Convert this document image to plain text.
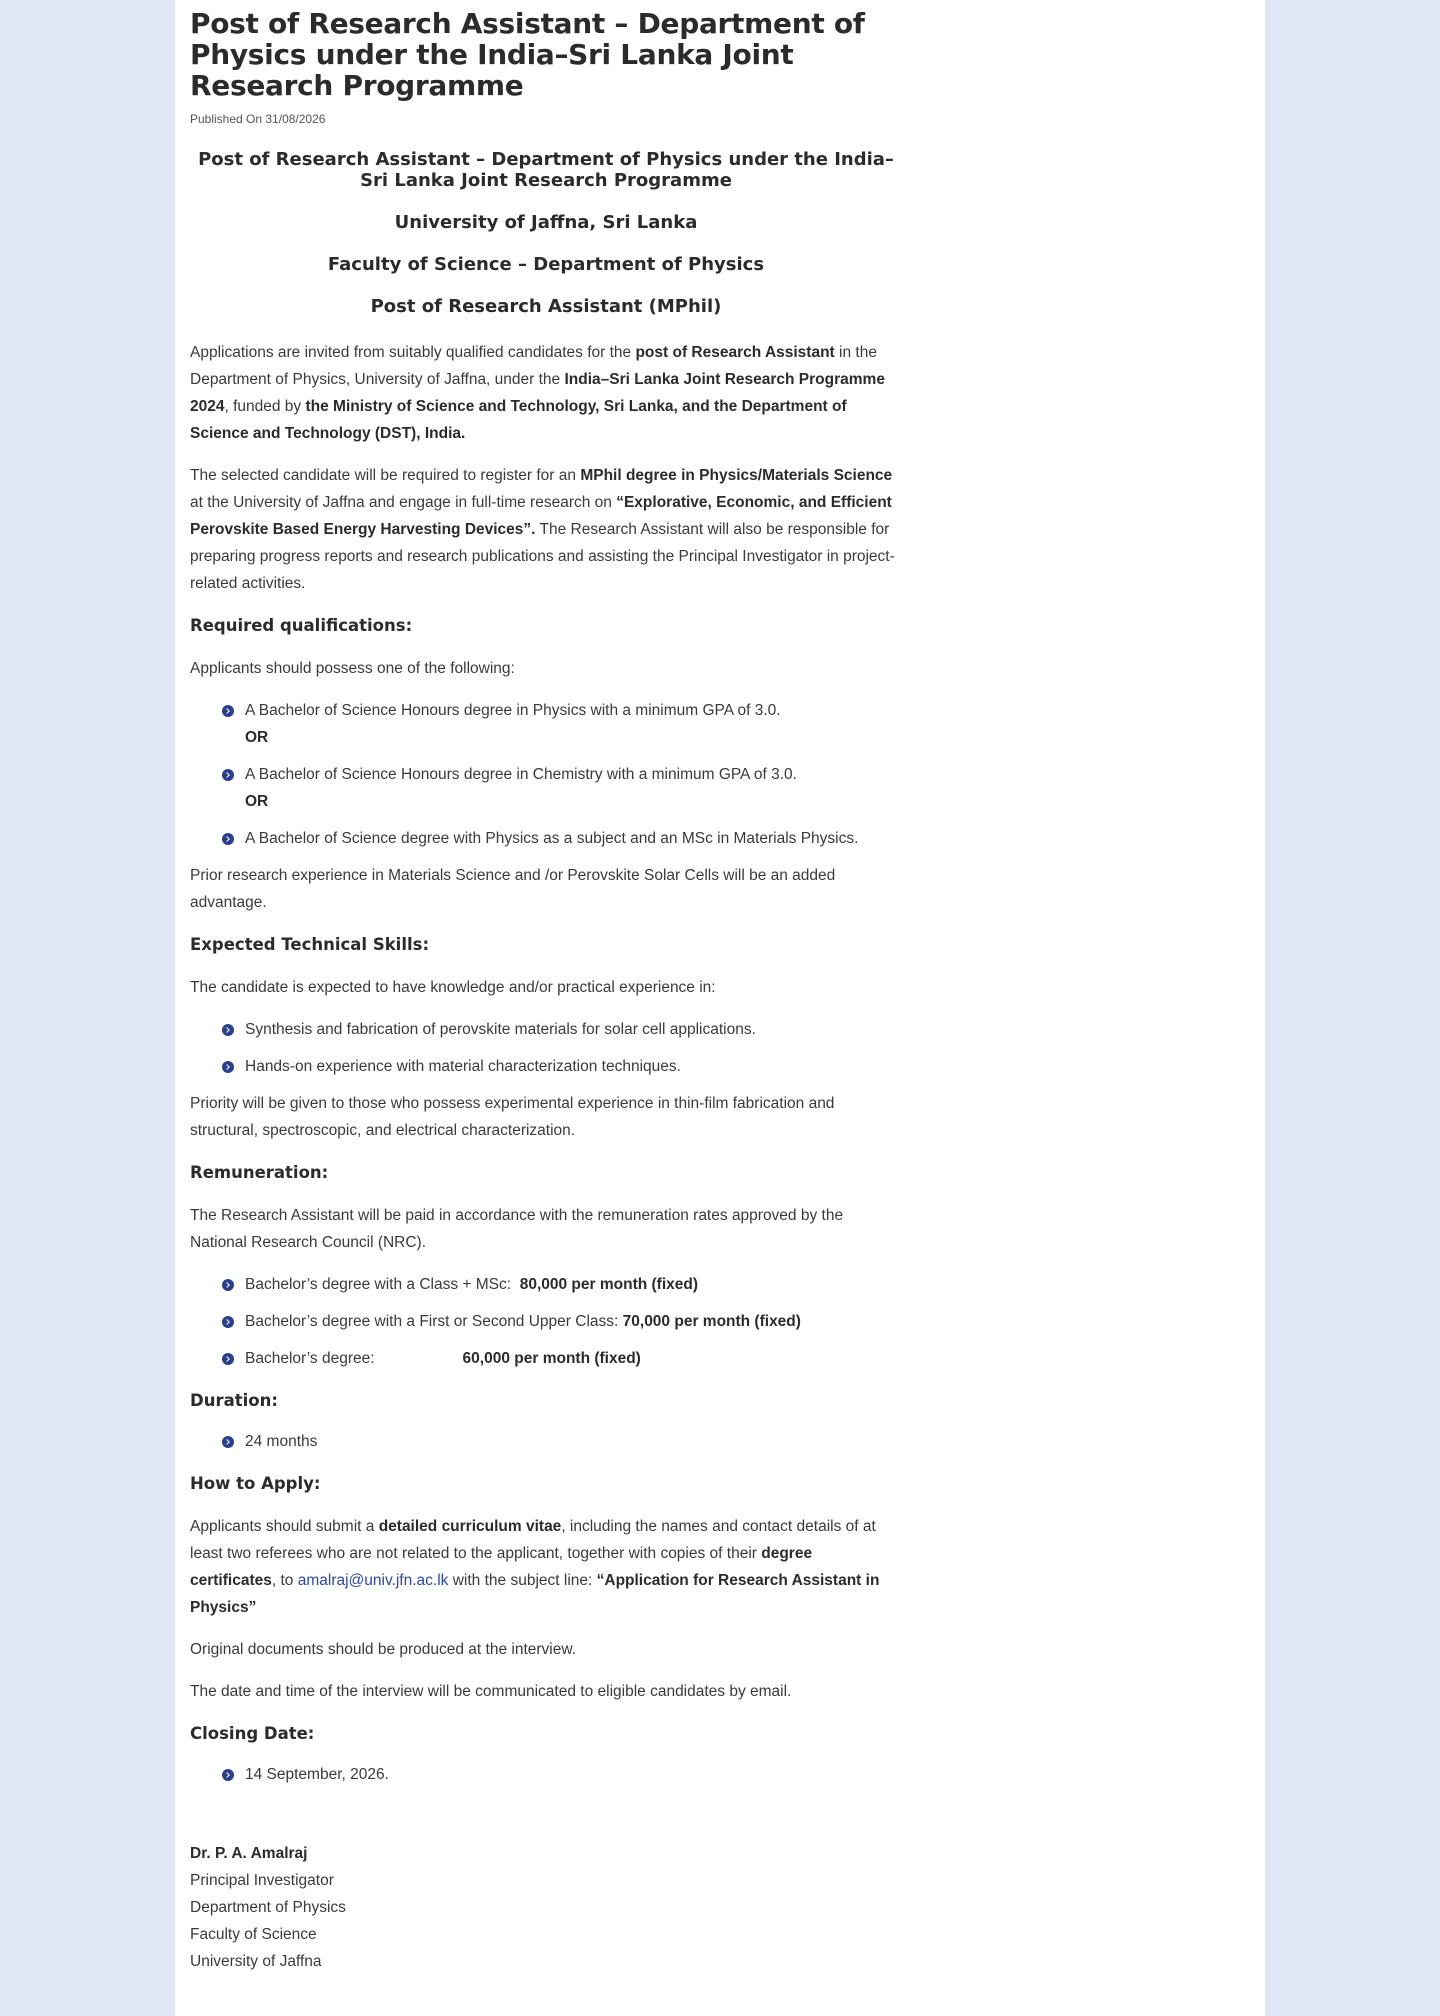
Post of Research Assistant – Department of Physics under the India–Sri Lanka Joint Research Programme

Published On 31/08/2026

Post of Research Assistant – Department of Physics under the India–Sri Lanka Joint Research Programme
University of Jaffna, Sri Lanka
Faculty of Science – Department of Physics
Post of Research Assistant (MPhil)

Applications are invited from suitably qualified candidates for the post of Research Assistant in the Department of Physics, University of Jaffna, under the India–Sri Lanka Joint Research Programme 2024, funded by the Ministry of Science and Technology, Sri Lanka, and the Department of Science and Technology (DST), India.

The selected candidate will be required to register for an MPhil degree in Physics/Materials Science at the University of Jaffna and engage in full-time research on “Explorative, Economic, and Efficient Perovskite Based Energy Harvesting Devices”. The Research Assistant will also be responsible for preparing progress reports and research publications and assisting the Principal Investigator in project-related activities.

Required qualifications:

Applicants should possess one of the following:

A Bachelor of Science Honours degree in Physics with a minimum GPA of 3.0.
OR
A Bachelor of Science Honours degree in Chemistry with a minimum GPA of 3.0.
OR
A Bachelor of Science degree with Physics as a subject and an MSc in Materials Physics.

Prior research experience in Materials Science and /or Perovskite Solar Cells will be an added advantage.

Expected Technical Skills:

The candidate is expected to have knowledge and/or practical experience in:

Synthesis and fabrication of perovskite materials for solar cell applications.
Hands-on experience with material characterization techniques.

Priority will be given to those who possess experimental experience in thin-film fabrication and structural, spectroscopic, and electrical characterization.

Remuneration:

The Research Assistant will be paid in accordance with the remuneration rates approved by the National Research Council (NRC).

Bachelor’s degree with a Class + MSc: 80,000 per month (fixed)
Bachelor’s degree with a First or Second Upper Class: 70,000 per month (fixed)
Bachelor’s degree:	60,000 per month (fixed)
Duration:
24 months
How to Apply:

Applicants should submit a detailed curriculum vitae, including the names and contact details of at least two referees who are not related to the applicant, together with copies of their degree certificates, to amalraj@univ.jfn.ac.lk with the subject line: “Application for Research Assistant in Physics”

Original documents should be produced at the interview.

The date and time of the interview will be communicated to eligible candidates by email.

Closing Date:
14 September, 2026.
Dr. P. A. Amalraj
Principal Investigator
Department of Physics
Faculty of Science
University of Jaffna
